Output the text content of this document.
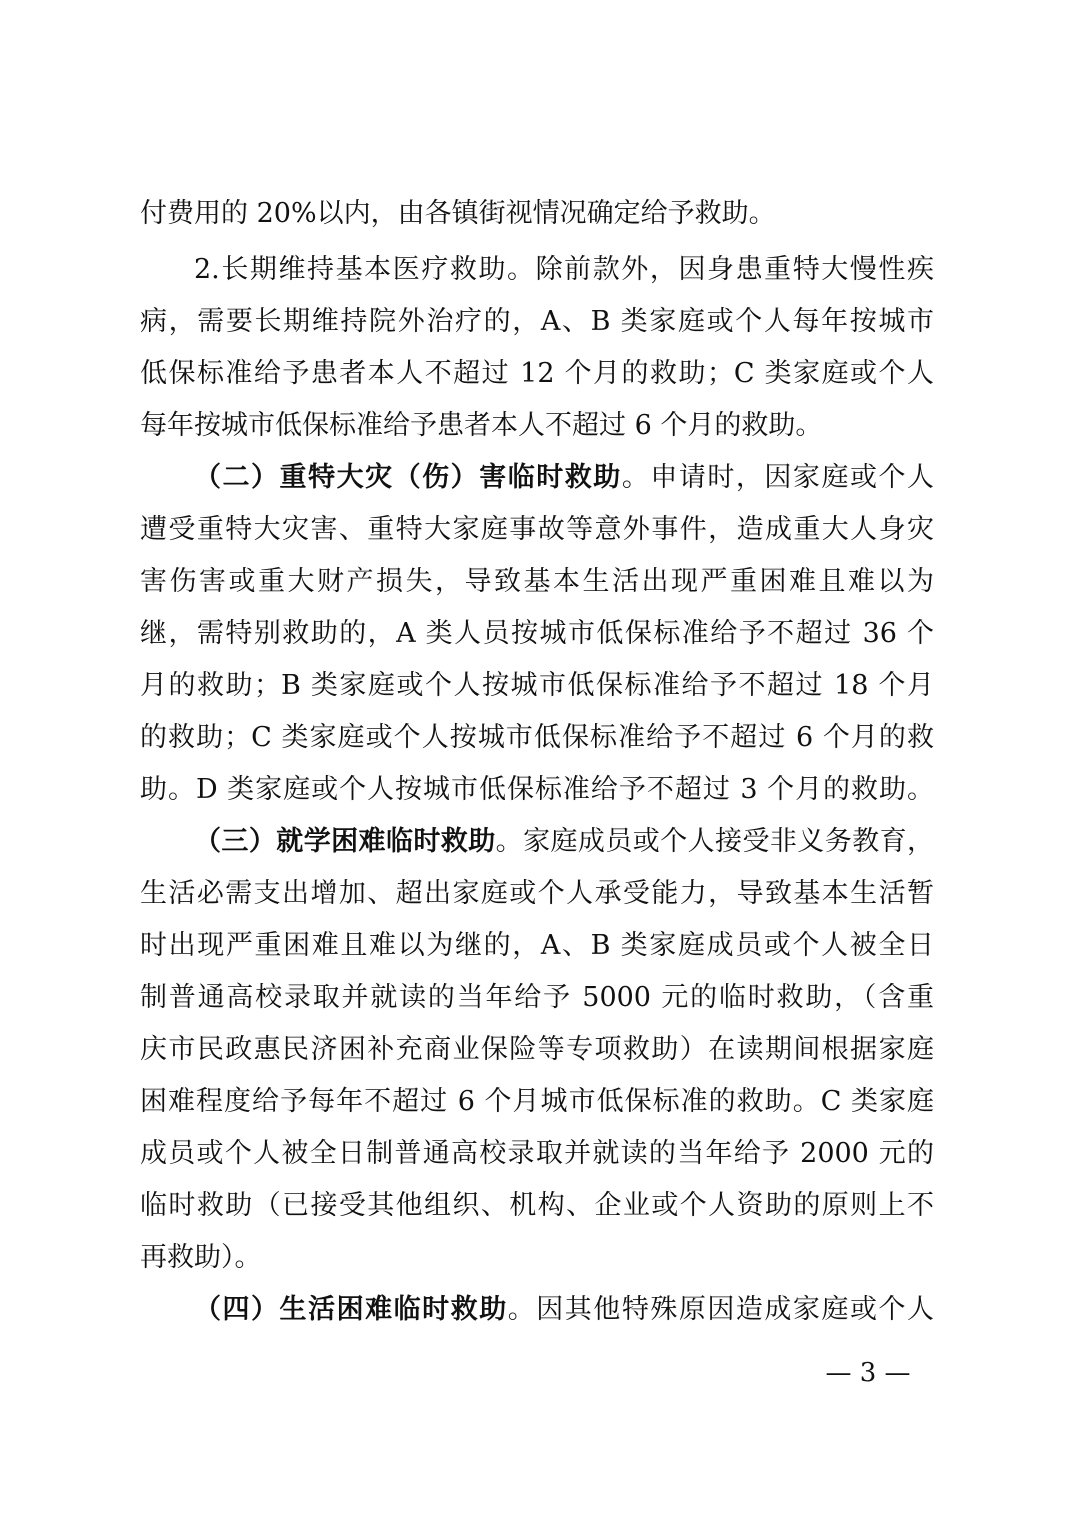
付费用的 20%以内，由各镇街视情况确定给予救助。
2.长期维持基本医疗救助。除前款外，因身患重特大慢性疾
病，需要长期维持院外治疗的，A、B 类家庭或个人每年按城市
低保标准给予患者本人不超过 12 个月的救助；C 类家庭或个人
每年按城市低保标准给予患者本人不超过 6 个月的救助。
（二）重特大灾（伤）害临时救助。申请时，因家庭或个人
遭受重特大灾害、重特大家庭事故等意外事件，造成重大人身灾
害伤害或重大财产损失，导致基本生活出现严重困难且难以为
继，需特别救助的，A 类人员按城市低保标准给予不超过 36 个
月的救助；B 类家庭或个人按城市低保标准给予不超过 18 个月
的救助；C 类家庭或个人按城市低保标准给予不超过 6 个月的救
助。D 类家庭或个人按城市低保标准给予不超过 3 个月的救助。
（三）就学困难临时救助。家庭成员或个人接受非义务教育，
生活必需支出增加、超出家庭或个人承受能力，导致基本生活暂
时出现严重困难且难以为继的，A、B 类家庭成员或个人被全日
制普通高校录取并就读的当年给予 5000 元的临时救助，（含重
庆市民政惠民济困补充商业保险等专项救助）在读期间根据家庭
困难程度给予每年不超过 6 个月城市低保标准的救助。C 类家庭
成员或个人被全日制普通高校录取并就读的当年给予 2000 元的
临时救助（已接受其他组织、机构、企业或个人资助的原则上不
再救助）。
（四）生活困难临时救助。因其他特殊原因造成家庭或个人
— 3 —
